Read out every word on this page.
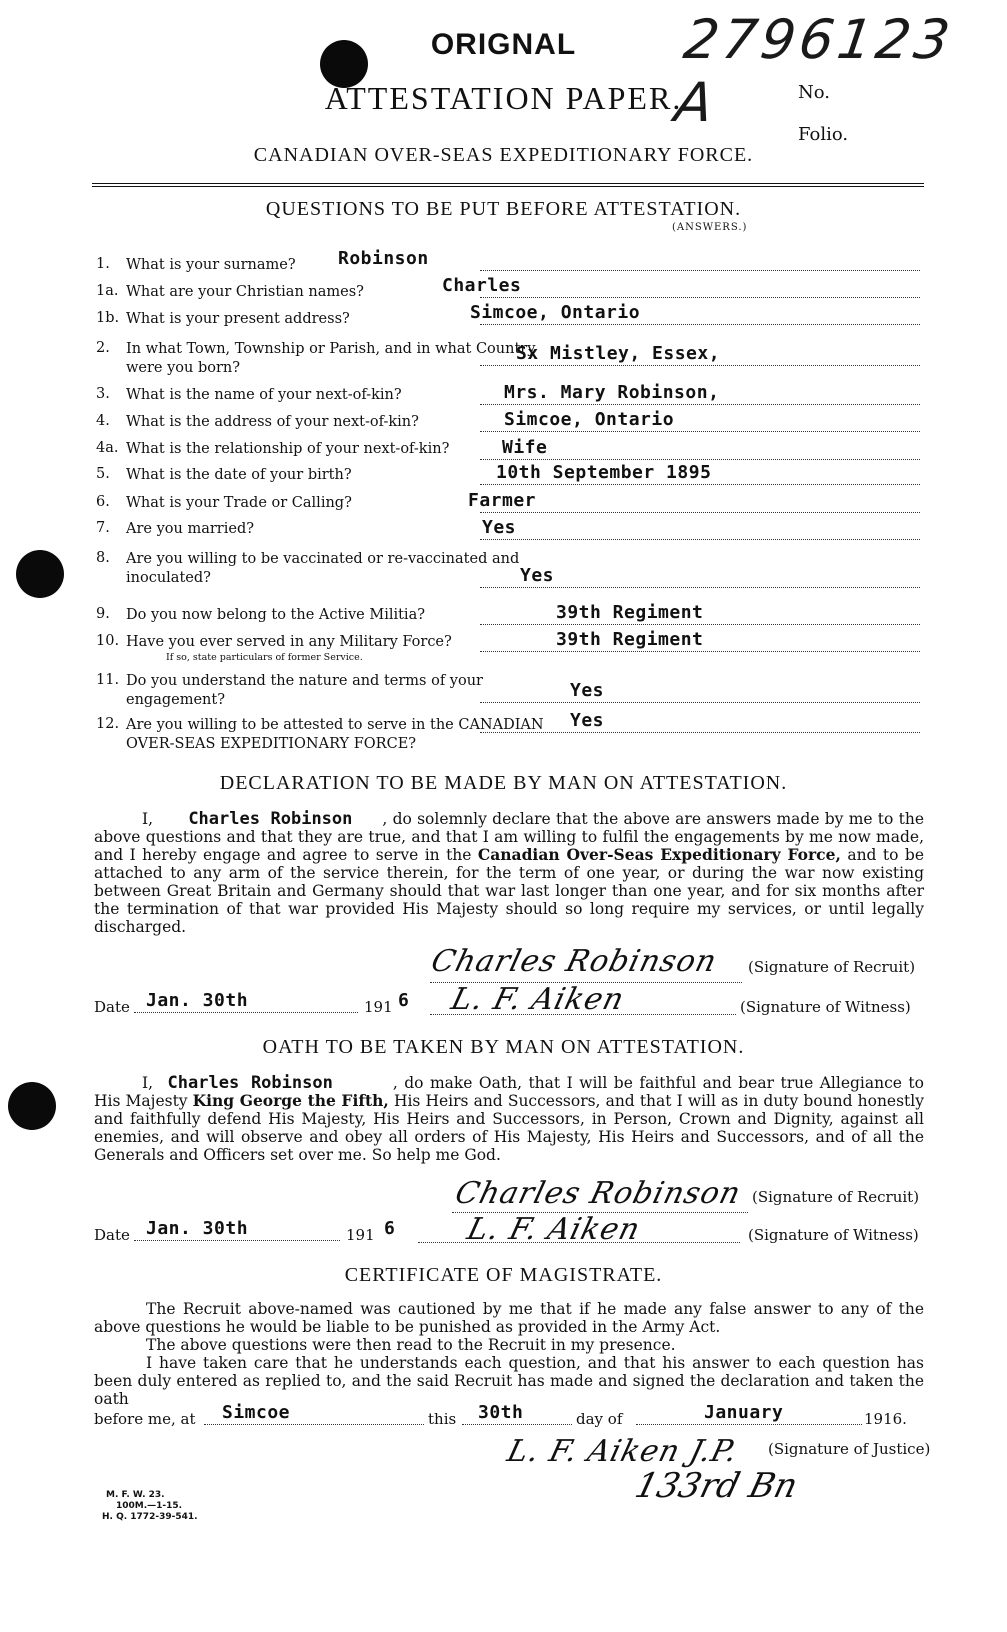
ORIGNAL	2796123 A
ATTESTATION PAPER.	No.
Folio.
CANADIAN OVER-SEAS EXPEDITIONARY FORCE.
QUESTIONS TO BE PUT BEFORE ATTESTATION.
(ANSWERS.)
1.	What is your surname? Robinson
1a. What are your Christian names?	Charles
1b. What is your present address?	Simcoe, Ontario
2.	In what Town, Township or Parish, and in what Country were you born?
Sx Mistley, Essex,
3.	What is the name of your next-of-kin?	Mrs. Mary Robinson,
4.	What is the address of your next-of-kin?	Simcoe, Ontario
4a. What is the relationship of your next-of-kin?	Wife
5.	What is the date of your birth?	10th September 1895
6.	What is your Trade or Calling?	Farmer
7.	Are you married?	Yes
8.	Are you willing to be vaccinated or re-vaccinated and inoculated?	Yes
9.	Do you now belong to the Active Militia?	39th Regiment
10. Have you ever served in any Military Force?
If so, state particulars of former Service.
39th Regiment
11. Do you understand the nature and terms of your engagement?	Yes
12. Are you willing to be attested to serve in the CANADIAN OVER-SEAS EXPEDITIONARY FORCE?
Yes
DECLARATION TO BE MADE BY MAN ON ATTESTATION.
I, Charles Robinson , do solemnly declare that the above are answers made by me to the above questions and that they are true, and that I am willing to fulfil the engagements by me now made, and I hereby engage and agree to serve in the Canadian Over-Seas Expeditionary Force, and to be attached to any arm of the service therein, for the term of one year, or during the war now existing between Great Britain and Germany should that war last longer than one year, and for six months after the termination of that war provided His Majesty should so long require my services, or until legally discharged.
Charles Robinson (Signature of Recruit)
Date Jan. 30th	191 6 L. F. Aiken	(Signature of Witness)
OATH TO BE TAKEN BY MAN ON ATTESTATION.
I, Charles Robinson	, do make Oath, that I will be faithful and bear true Allegiance to His Majesty King George the Fifth, His Heirs and Successors, and that I will as in duty bound honestly and faithfully defend His Majesty, His Heirs and Successors, in Person, Crown and Dignity, against all enemies, and will observe and obey all orders of His Majesty, His Heirs and Successors, and of all the Generals and Officers set over me. So help me God.
Charles Robinson (Signature of Recruit)
Date Jan. 30th	191 6 L. F. Aiken	(Signature of Witness)
CERTIFICATE OF MAGISTRATE.
The Recruit above-named was cautioned by me that if he made any false answer to any of the above questions he would be liable to be punished as provided in the Army Act.
The above questions were then read to the Recruit in my presence.
I have taken care that he understands each question, and that his answer to each question has been duly entered as replied to, and the said Recruit has made and signed the declaration and taken the oath
before me, at Simcoe	this 30th	day of	January	1916.
L. F. Aiken J.P. (Signature of Justice)
133rd Bn
M. F. W. 23.
100M.—1-15.
H. Q. 1772-39-541.
